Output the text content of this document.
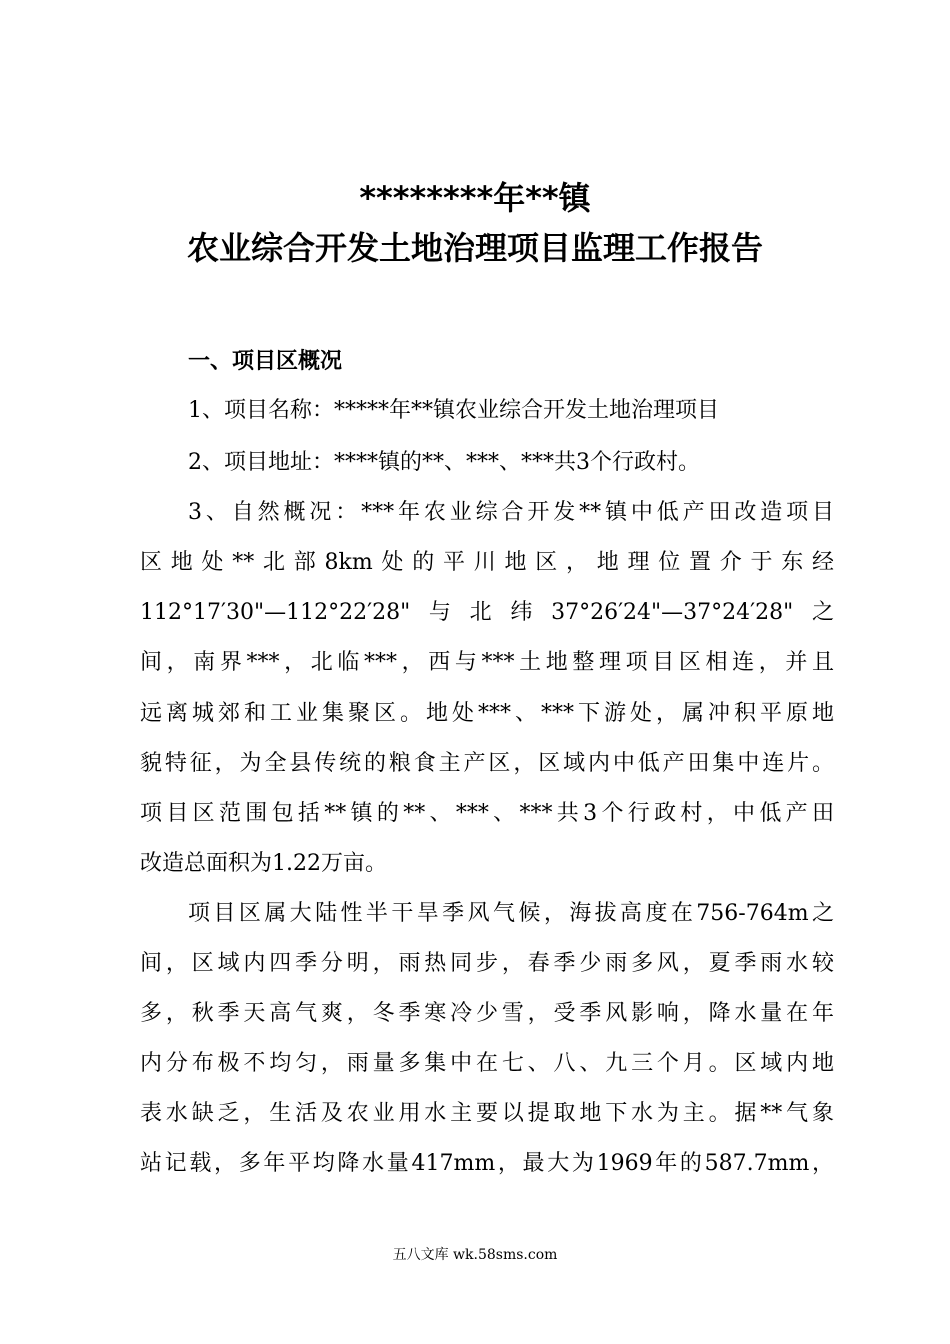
********年**镇
农业综合开发土地治理项目监理工作报告
一、项目区概况
1、项目名称：*****年**镇农业综合开发土地治理项目
2、项目地址：****镇的**、***、***共3个行政村。
3、自然概况：***年农业综合开发**镇中低产田改造项目
区地处**北部8km处的平川地区，地理位置介于东经
112°17′30"—112°22′28"与北纬37°26′24"—37°24′28"之
间，南界***，北临***，西与***土地整理项目区相连，并且
远离城郊和工业集聚区。地处***、***下游处，属冲积平原地
貌特征，为全县传统的粮食主产区，区域内中低产田集中连片。
项目区范围包括**镇的**、***、***共3个行政村，中低产田
改造总面积为1.22万亩。
项目区属大陆性半干旱季风气候，海拔高度在756-764m之
间，区域内四季分明，雨热同步，春季少雨多风，夏季雨水较
多，秋季天高气爽，冬季寒冷少雪，受季风影响，降水量在年
内分布极不均匀，雨量多集中在七、八、九三个月。区域内地
表水缺乏，生活及农业用水主要以提取地下水为主。据**气象
站记载，多年平均降水量417mm，最大为1969年的587.7mm，
五八文库 wk.58sms.com
